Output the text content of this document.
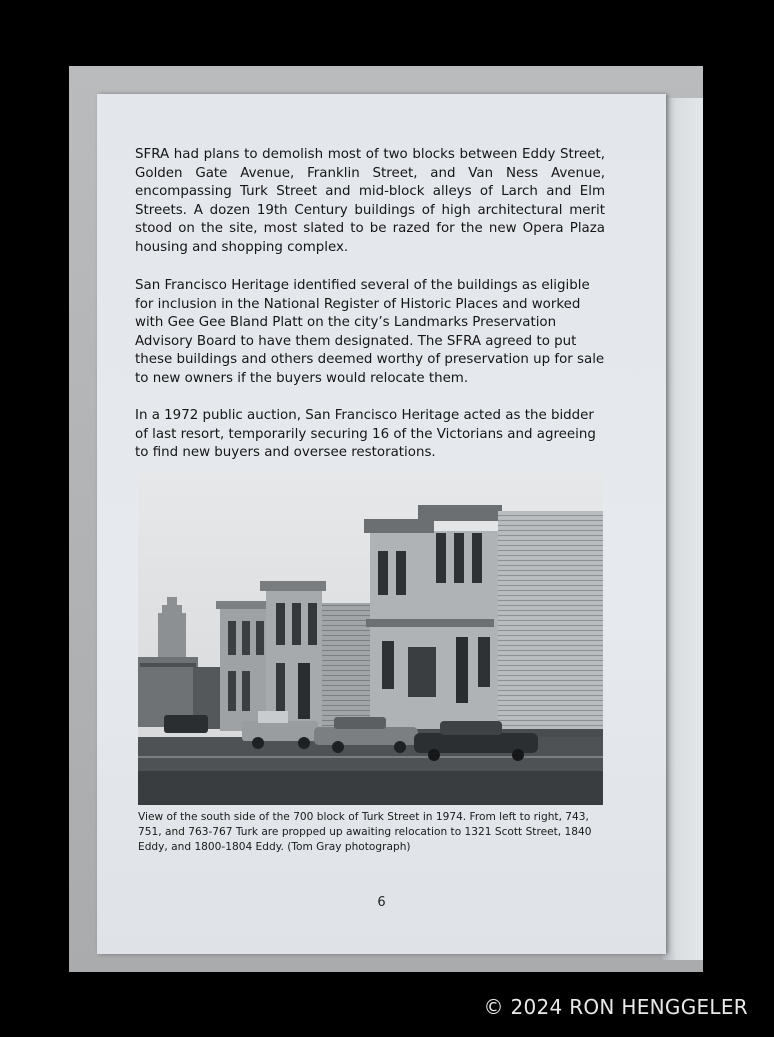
SFRA had plans to demolish most of two blocks between Eddy Street, Golden Gate Avenue, Franklin Street, and Van Ness Avenue, encompassing Turk Street and mid-block alleys of Larch and Elm Streets. A dozen 19th Century buildings of high architectural merit stood on the site, most slated to be razed for the new Opera Plaza housing and shopping complex.

San Francisco Heritage identified several of the buildings as eligible for inclusion in the National Register of Historic Places and worked with Gee Gee Bland Platt on the city’s Landmarks Preservation Advisory Board to have them designated. The SFRA agreed to put these buildings and others deemed worthy of preservation up for sale to new owners if the buyers would relocate them.

In a 1972 public auction, San Francisco Heritage acted as the bidder of last resort, temporarily securing 16 of the Victorians and agreeing to find new buyers and oversee restorations.

View of the south side of the 700 block of Turk Street in 1974. From left to right, 743, 751, and 763-767 Turk are propped up awaiting relocation to 1321 Scott Street, 1840 Eddy, and 1800-1804 Eddy. (Tom Gray photograph)

6
© 2024 RON HENGGELER
